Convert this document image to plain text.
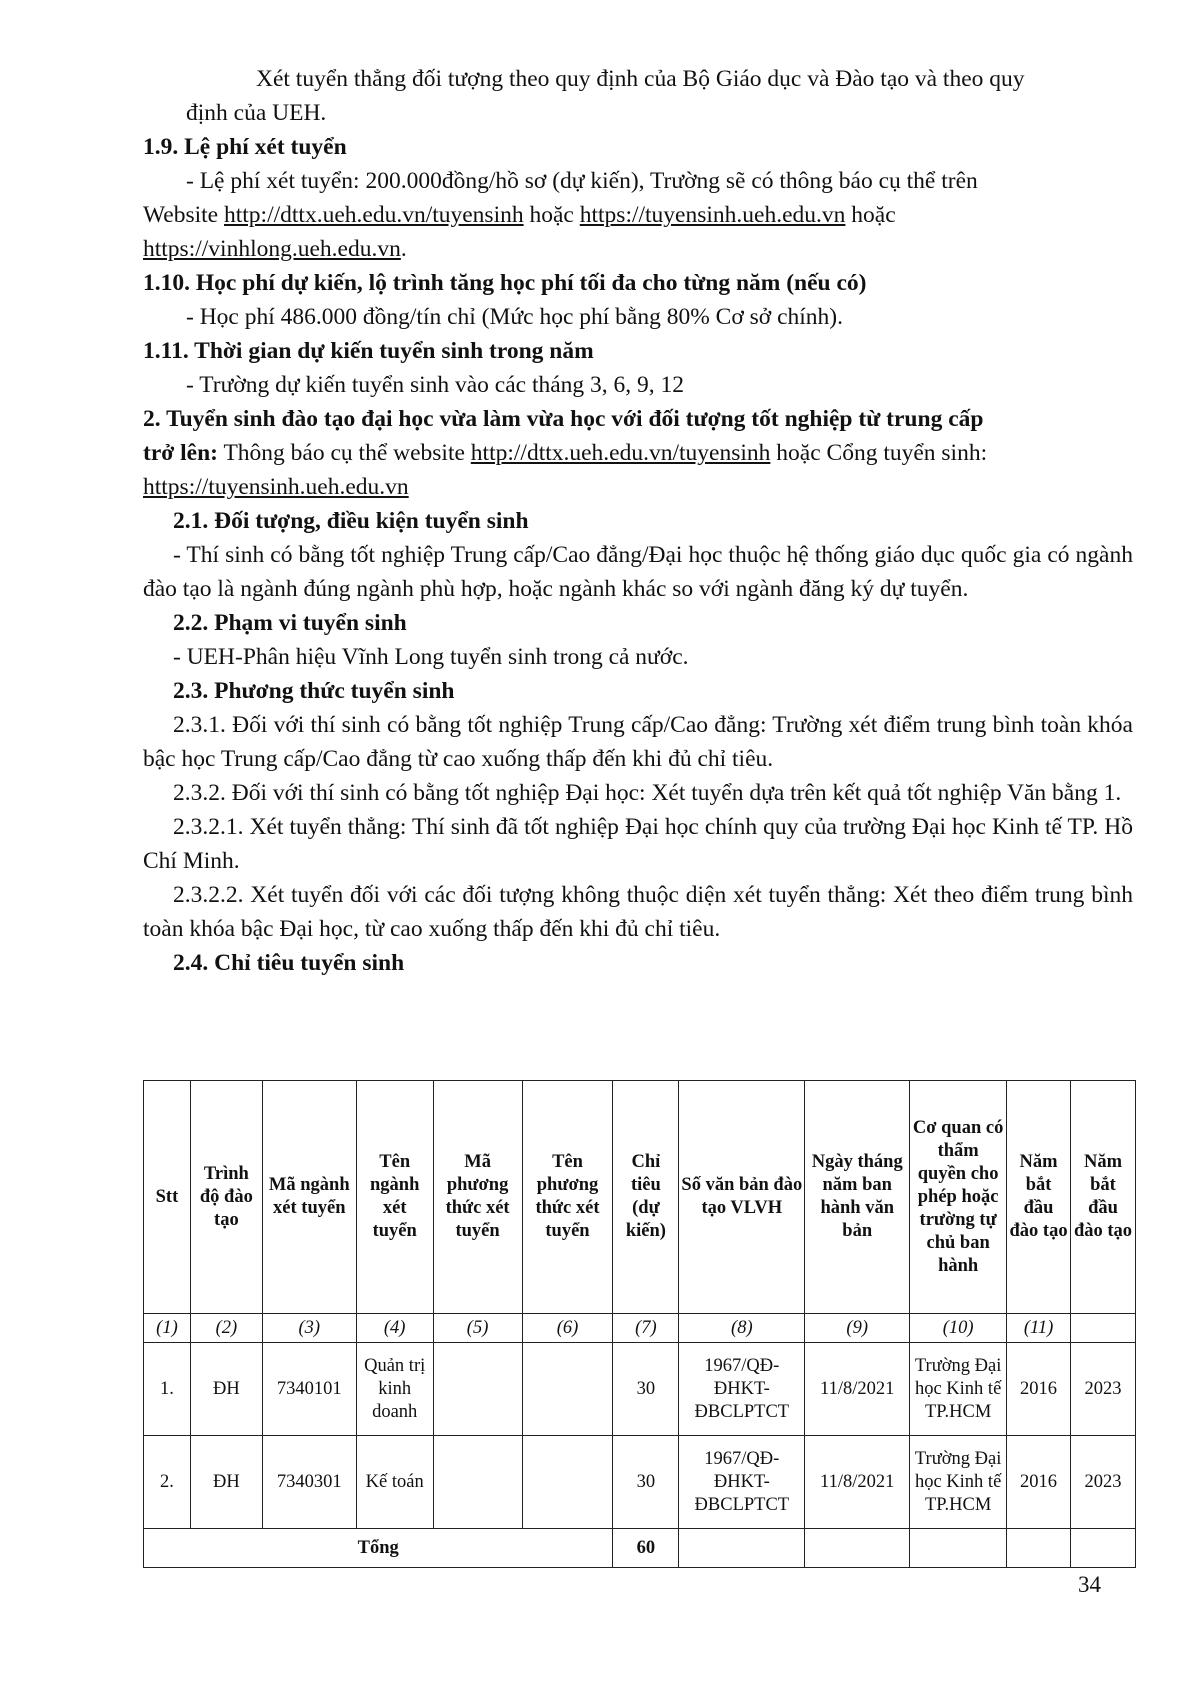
Xét tuyển thẳng đối tượng theo quy định của Bộ Giáo dục và Đào tạo và theo quy

định của UEH.

1.9. Lệ phí xét tuyển

- Lệ phí xét tuyển: 200.000đồng/hồ sơ (dự kiến), Trường sẽ có thông báo cụ thể trên

Website http://dttx.ueh.edu.vn/tuyensinh hoặc https://tuyensinh.ueh.edu.vn hoặc

https://vinhlong.ueh.edu.vn.

1.10. Học phí dự kiến, lộ trình tăng học phí tối đa cho từng năm (nếu có)

- Học phí 486.000 đồng/tín chỉ (Mức học phí bằng 80% Cơ sở chính).

1.11. Thời gian dự kiến tuyển sinh trong năm

- Trường dự kiến tuyển sinh vào các tháng 3, 6, 9, 12

2. Tuyển sinh đào tạo đại học vừa làm vừa học với đối tượng tốt nghiệp từ trung cấp

trở lên: Thông báo cụ thể website http://dttx.ueh.edu.vn/tuyensinh hoặc Cổng tuyển sinh:

https://tuyensinh.ueh.edu.vn

2.1. Đối tượng, điều kiện tuyển sinh

- Thí sinh có bằng tốt nghiệp Trung cấp/Cao đẳng/Đại học thuộc hệ thống giáo dục quốc gia có ngành đào tạo là ngành đúng ngành phù hợp, hoặc ngành khác so với ngành đăng ký dự tuyển.

2.2. Phạm vi tuyển sinh

- UEH-Phân hiệu Vĩnh Long tuyển sinh trong cả nước.

2.3. Phương thức tuyển sinh

2.3.1. Đối với thí sinh có bằng tốt nghiệp Trung cấp/Cao đẳng: Trường xét điểm trung bình toàn khóa bậc học Trung cấp/Cao đẳng từ cao xuống thấp đến khi đủ chỉ tiêu.

2.3.2. Đối với thí sinh có bằng tốt nghiệp Đại học: Xét tuyển dựa trên kết quả tốt nghiệp Văn bằng 1.

2.3.2.1. Xét tuyển thẳng: Thí sinh đã tốt nghiệp Đại học chính quy của trường Đại học Kinh tế TP. Hồ Chí Minh.

2.3.2.2. Xét tuyển đối với các đối tượng không thuộc diện xét tuyển thẳng: Xét theo điểm trung bình toàn khóa bậc Đại học, từ cao xuống thấp đến khi đủ chỉ tiêu.

2.4. Chỉ tiêu tuyển sinh

Stt	Trình độ đào tạo	Mã ngành xét tuyển	Tên ngành xét tuyển	Mã phương thức xét tuyển	Tên phương thức xét tuyển	Chỉ tiêu (dự kiến)	Số văn bản đào tạo VLVH	Ngày tháng năm ban hành văn bản	Cơ quan có thẩm quyền cho phép hoặc trường tự chủ ban hành	Năm bắt đầu đào tạo	Năm bắt đầu đào tạo
(1)	(2)	(3)	(4)	(5)	(6)	(7)	(8)	(9)	(10)	(11)	
1.	ĐH	7340101	Quản trị kinh doanh			30	1967/QĐ-ĐHKT-ĐBCLPTCT	11/8/2021	Trường Đại học Kinh tế TP.HCM	2016	2023
2.	ĐH	7340301	Kế toán			30	1967/QĐ-ĐHKT-ĐBCLPTCT	11/8/2021	Trường Đại học Kinh tế TP.HCM	2016	2023
Tổng						60					
34
